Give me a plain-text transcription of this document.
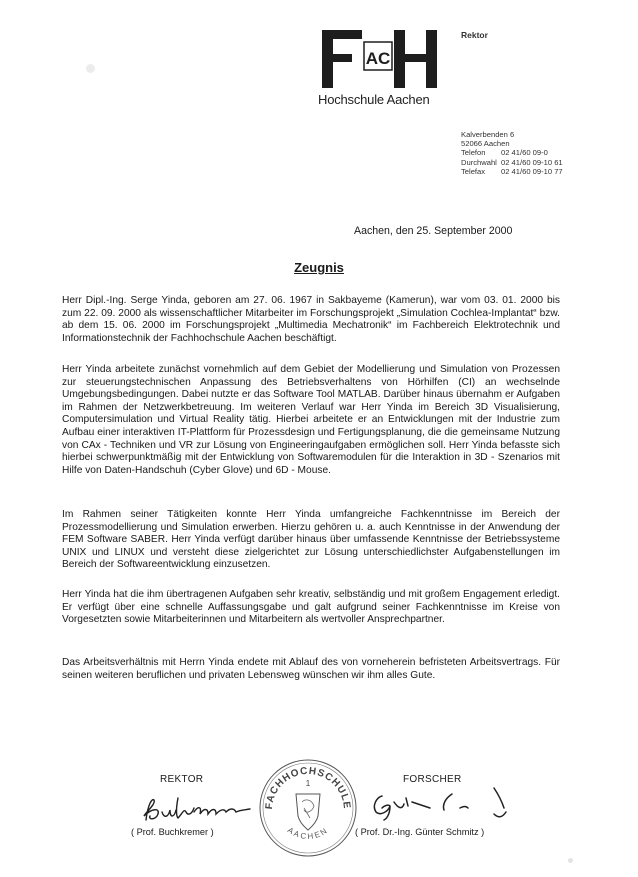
AC
Hochschule Aachen
Rektor
Kalverbenden 6
52066 Aachen
Telefon	02 41/60 09-0
Durchwahl 02 41/60 09-10 61
Telefax	02 41/60 09-10 77
Aachen, den 25. September 2000
Zeugnis
Herr Dipl.-Ing. Serge Yinda, geboren am 27. 06. 1967 in Sakbayeme (Kamerun), war vom 03. 01. 2000 bis zum 22. 09. 2000 als wissenschaftlicher Mitarbeiter im Forschungsprojekt „Simulation Cochlea-Implantat“ bzw. ab dem 15. 06. 2000 im Forschungsprojekt „Multimedia Mechatronik“ im Fachbereich Elektrotechnik und Informationstechnik der Fachhochschule Aachen beschäftigt.
Herr Yinda arbeitete zunächst vornehmlich auf dem Gebiet der Modellierung und Simulation von Prozessen zur steuerungstechnischen Anpassung des Betriebsverhaltens von Hörhilfen (CI) an wechselnde Umgebungsbedingungen. Dabei nutzte er das Software Tool MATLAB. Darüber hinaus übernahm er Aufgaben im Rahmen der Netzwerkbetreuung. Im weiteren Verlauf war Herr Yinda im Bereich 3D Visualisierung, Computersimulation und Virtual Reality tätig. Hierbei arbeitete er an Entwicklungen mit der Industrie zum Aufbau einer interaktiven IT-Plattform für Prozessdesign und Fertigungsplanung, die die gemeinsame Nutzung von CAx - Techniken und VR zur Lösung von Engineeringaufgaben ermöglichen soll. Herr Yinda befasste sich hierbei schwerpunktmäßig mit der Entwicklung von Softwaremodulen für die Interaktion in 3D - Szenarios mit Hilfe von Daten-Handschuh (Cyber Glove) und 6D - Mouse.
Im Rahmen seiner Tätigkeiten konnte Herr Yinda umfangreiche Fachkenntnisse im Bereich der Prozessmodellierung und Simulation erwerben. Hierzu gehören u. a. auch Kenntnisse in der Anwendung der FEM Software SABER. Herr Yinda verfügt darüber hinaus über umfassende Kenntnisse der Betriebssysteme UNIX und LINUX und versteht diese zielgerichtet zur Lösung unterschiedlichster Aufgabenstellungen im Bereich der Softwareentwicklung einzusetzen.
Herr Yinda hat die ihm übertragenen Aufgaben sehr kreativ, selbständig und mit großem Engagement erledigt. Er verfügt über eine schnelle Auffassungsgabe und galt aufgrund seiner Fachkenntnisse im Kreise von Vorgesetzten sowie Mitarbeiterinnen und Mitarbeitern als wertvoller Ansprechpartner.
Das Arbeitsverhältnis mit Herrn Yinda endete mit Ablauf des von vorneherein befristeten Arbeitsvertrags. Für seinen weiteren beruflichen und privaten Lebensweg wünschen wir ihm alles Gute.
REKTOR	FORSCHER
FACHHOCHSCHULE
AACHEN
1
( Prof. Buchkremer )	( Prof. Dr.-Ing. Günter Schmitz )
